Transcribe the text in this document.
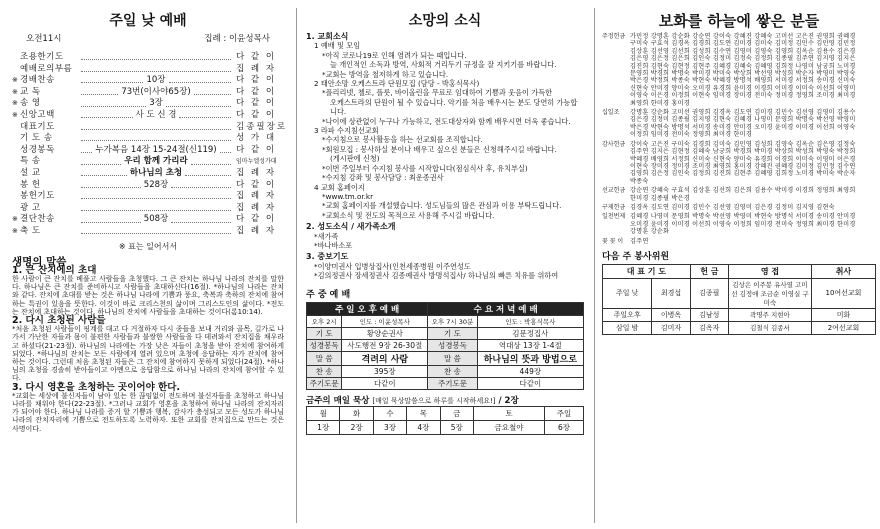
주일 낮 예배
오전11시	집례 : 이윤성목사
조용한기도	다 같 이
예배로의부름	집 례 자
※ 경배찬송	10장	다 같 이
※ 교 독	73번(이사야65장)	다 같 이
※ 송 영	3장	다 같 이
※ 신앙고백	사 도 신 경	다 같 이
대표기도	김종필장로
기 도 송	성 가 대
성경봉독	누가복음 14장 15-24절(신119) 다 같 이
특 송	우리 함께 가리라	임마누엘성가대
설 교	하나님의 초청	집 례 자
봉 헌	528장	다 같 이
봉헌기도	집 례 자
광 고	집 례 자
※ 결단찬송	508장	다 같 이
※ 축 도	집 례 자
※ 표는 일어서서
생명의 말씀
1. 큰 잔치에의 초대

한 사람이 큰 잔치를 베풀고 사람들을 초청했다. 그 큰 잔치는 하나님 나라의 잔치를 말한다. 하나님은 큰 잔치를 준비하시고 사람들을 초대하신다(16절). *하나님의 나라는 잔치와 같다. 잔치에 초대를 받는 것은 하나님 나라에 기쁨과 풍요, 축복과 축하의 잔치에 참여하는 특권이 있음을 뜻한다. 이것이 바로 크리스천의 삶이며 그리스도인의 삶이다. *전도는 잔치에 초대하는 것이다. 하나님의 잔치에 사람들을 초대하는 것이다(롬10:14).

2. 다시 초청된 사람들

*처음 초청된 사람들이 핑계를 대고 다 거절하자 다시 종들을 보내 거리와 골목, 길가로 나가서 가난한 자들과 몸이 불편한 사람들과 불쌍한 사람들을 다 데려와서 잔치집을 채우라고 하셨다(21-23절). 하나님의 나라에는 가장 낮은 자들이 초청을 받아 잔치에 참여하게 되었다. *하나님의 잔치는 모든 사람에게 열려 있으며 초청에 응답하는 자가 잔치에 참여하는 것이다. 그런데 처음 초청된 자들은 그 잔치에 참여하지 못하게 되었다(24절). *하나님의 초청을 경솔히 받아들이고 아멘으로 응답함으로 하나님 나라의 잔치에 참여할 수 있다.

3. 다시 영혼을 초청하는 곳이어야 한다.

*교회는 세상에 불신자들이 남아 있는 한 끊임없이 전도하며 불신자들을 초청하고 하나님 나라를 채워야 한다(22-23절). *그러나 교회가 영혼을 초청하여 하나님 나라의 잔치자리가 되어야 한다. 하나님 나라를 증거 할 기쁨과 행복, 감사가 충성되고 모든 성도가 하나님 나라의 잔치자리에 기쁨으로 전도하도록 노력하자. 또한 교회를 잔치집으로 만드는 것은 사명이다.

소망의 소식
1. 교회소식
1 예배 및 모임
*아직 코로나19로 인해 염려가 되는 때입니다.
늘 개인적인 소독과 방역, 사회적 거리두기 규정을 잘 지키기를 바랍니다.
*교회는 방역을 철저하게 하고 있습니다.
2 태안소망 오케스트라 단원모집 (담당 - 박홍식목사)
*플리리넷, 첼로, 플룻, 바이올린을 무료로 임대하여 기쁨과 웃음이 가득한
오케스트라의 단원이 될 수 있습니다. 악기를 처음 배우시는 분도 당연히 가능합니다.
*나이에 상관없이 누구나 가능하고, 전도대상자와 함께 배우시면 더욱 좋습니다.
3 라파 수지침선교회
*수지침으로 봉사활동을 하는 선교회를 조직합니다.
*회원모집 : 봉사하실 분이나 배우고 싶으신 분들은 신청해주시길 바랍니다.
(게시판에 신청)
*이번 주일부터 수지침 봉사를 시작합니다(점심식사 후, 유치부실)
*수지침 강좌 및 봉사담당 : 최운종권사
4 교회 홈페이지
*www.tm.or.kr
*교회 홈페이지를 개설했습니다. 성도님들의 많은 관심과 이용 부탁드립니다.
*교회소식 및 전도의 목적으로 사용해 주시길 바랍니다.
2. 성도소식 / 새가족소개
*새가족
*바나바소포
3. 중보기도
*이양미권사 입병상집사(인천세종병원 이주연성도
*김의정권사 장세정권사 김종예권사 방명석집사/ 하나님의 빠른 치유를 위하여
주 중 예 배
주 일 오 후 예 배		수 요 저 녁 예 배	
오후 2시	인도 : 이윤성목사	오후 7시 30분	인도 : 박홍식목사
기 도	황양순권사	기 도	김문정집사
성경봉독	사도행전 9장 26-30절	성경봉독	역대상 13장 1-4절
말 씀	격려의 사람	말 씀	하나님의 뜻과 방법으로
찬 송	395장	찬 송	449장
주기도문	다같이	주기도문	다같이
금주의 매일 묵상 [매일 묵상말씀으로 하루를 시작하세요!] / 2장
월	화	수	목	금	토	주일
1장	2장	3장	4장	5장	금요철야	6장
보화를 하늘에 쌓은 분들
주정헌금 가민정 강명훈 강순화 강순연 강이숙 강혜진 강혜숙 고미선 고은진 권영희 권혜경 구미숙 구효석 김경옥 김경희 김도연 김미경 김미숙 김미정 김민수 김민영 김민정 김상훈 김선영 김선희 김성희 김수연 김영미 김영숙 김영희 김옥순 김용수 김은경 김은영 김은정 김은희 김인숙 김정미 김정숙 김정희 김종필 김주연 김지영 김지은 김진희 김현숙 김현정 김현주 김혜경 김혜숙 김혜영 김희정 나영미 남궁희 노미경 문영희 박경희 박명숙 박미경 박미숙 박상희 박선영 박성희 박순자 박영미 박영숙 박은경 박정희 박종숙 박현숙 박혜경 방명석 배영희 서미경 서정희 송미경 신미숙 신현숙 안미경 양미숙 오미경 유경희 윤미경 이경희 이미경 이미숙 이선희 이영미 이영숙 이은경 이정희 이현숙 임미경 장미경 전미숙 정미경 정영희 조미경 최미경 최영희 한미경 홍미경
십일조	강명훈 강순화 고미선 권영희 김경옥 김도연 김미경 김민수 김선영 김영미 김용수 김은경 김정미 김종필 김지영 김현숙 김혜경 나영미 문영희 박명숙 박선영 박영미 박은경 박현숙 방명석 서미경 송미경 안미경 오미경 윤미경 이미경 이선희 이영숙 이정희 임미경 전미숙 정영희 최미경 한미경
감사헌금 강이숙 고은진 구미숙 김경희 김미숙 김민영 김성희 김영숙 김옥순 김은영 김정숙 김주연 김지은 김현정 김혜숙 남궁희 박경희 박미경 박상희 박성희 박영숙 박정희 박혜경 배영희 서정희 신미숙 신현숙 양미숙 유경희 이경희 이미숙 이영미 이은경 이현숙 장미경 정미경 조미경 최영희 홍미경 강혜진 권혜경 김미정 김민정 김수연 김영희 김은정 김인숙 김정희 김진희 김현주 김혜영 김희정 노미경 박미숙 박순자 박종숙
선교헌금 강순연 강혜숙 구효석 김상훈 김선희 김은희 김용수 박미경 이경희 정영희 최영희 한미경 김종필 박은경
구제헌금 김경옥 김도연 김미경 김민수 김선영 김영미 김은경 김정미 김지영 김현숙
일천번제 김혜경 나영미 문영희 박명숙 박선영 박영미 박현숙 방명석 서미경 송미경 안미경 오미경 윤미경 이미경 이선희 이영숙 이정희 임미경 전미숙 정영희 최미경 한미경 강명훈 강순화
꽃 꽂 이	김주연
다음 주 봉사위원
대 표 기 도		헌 금	영 접	취사
주일 낮	최경섭	김종필	김상은 이주봉 유사열 고미선 김정애 조금순 이영실 구미숙	10여선교회
주일오후	이병옥	김남성	곽명주 지현아	미화
삼일 밤	김미자	김옥자	김철식 김종서	2여선교회
